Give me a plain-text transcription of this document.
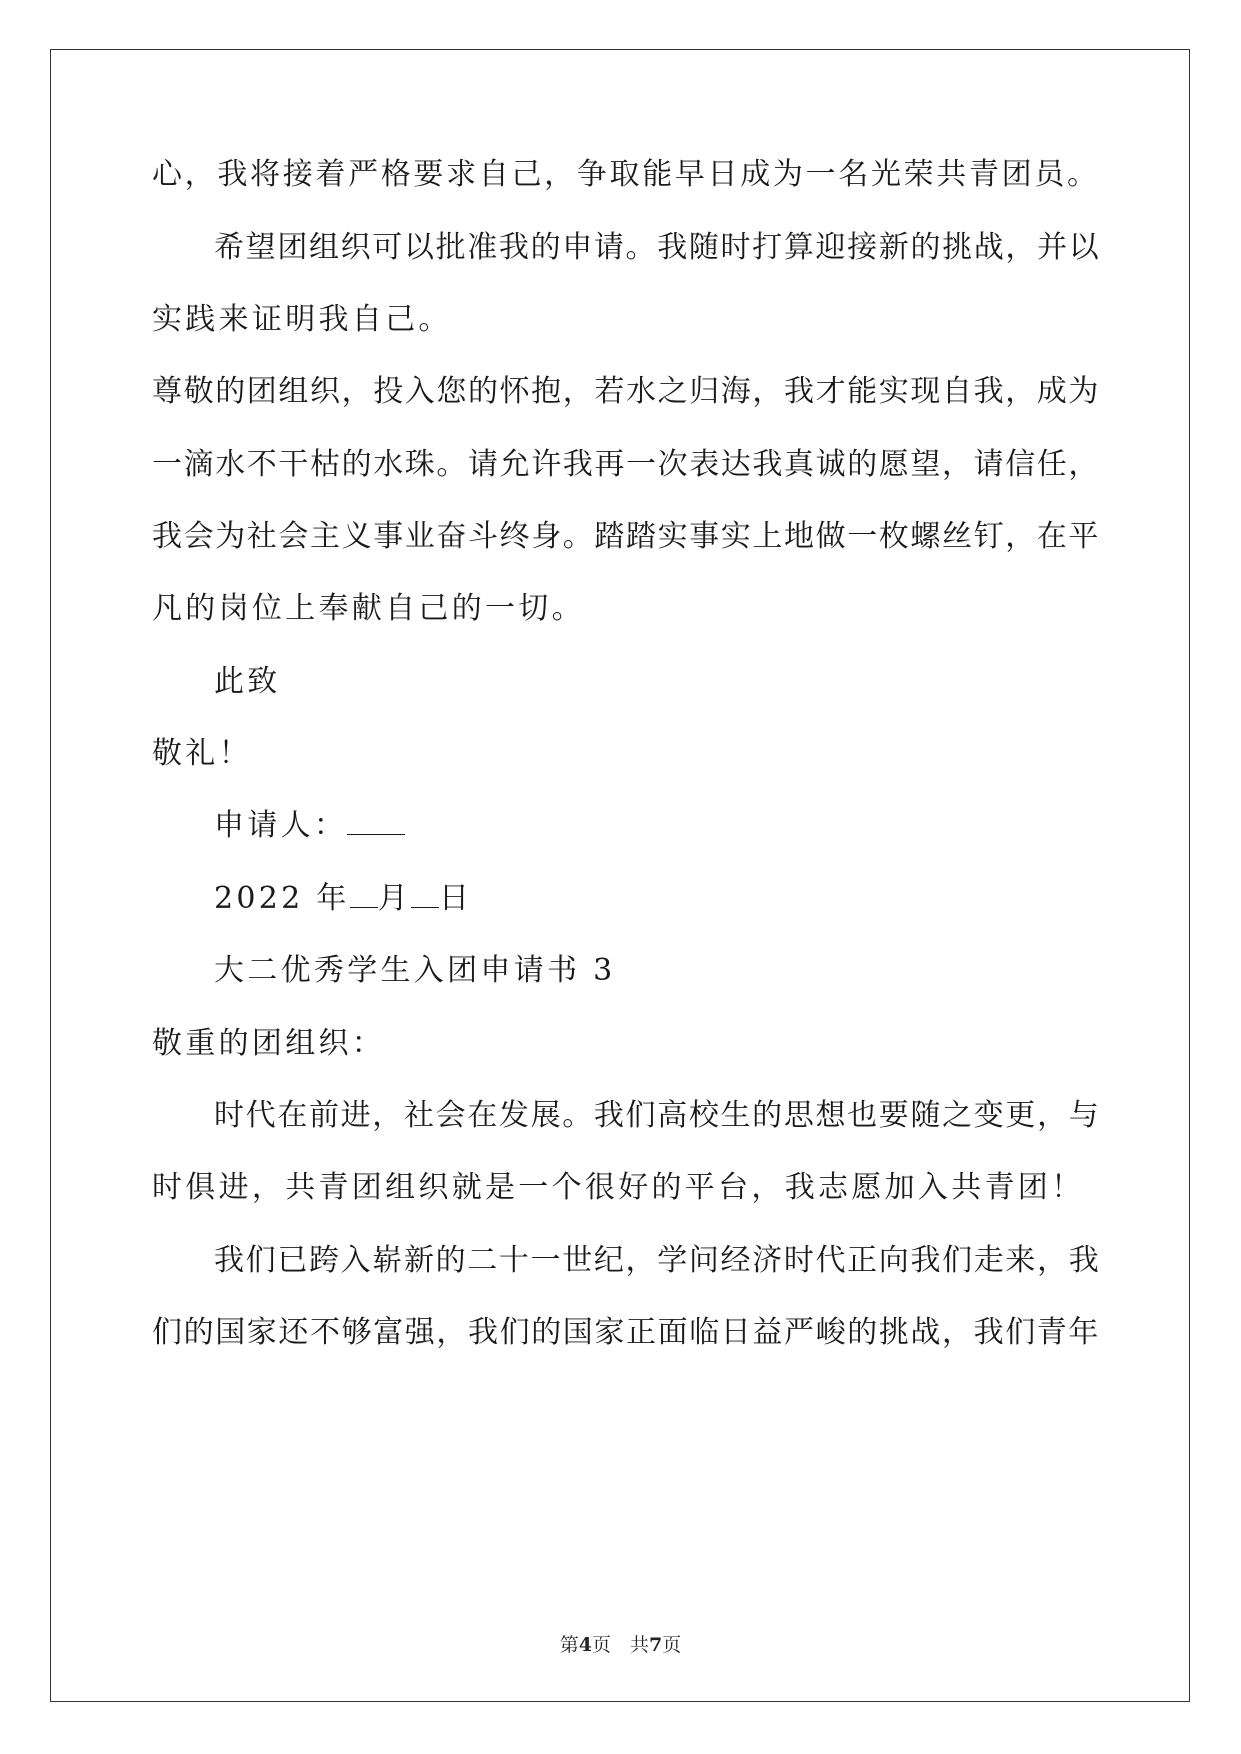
心，我将接着严格要求自己，争取能早日成为一名光荣共青团员。
希望团组织可以批准我的申请。我随时打算迎接新的挑战，并以
实践来证明我自己。
尊敬的团组织，投入您的怀抱，若水之归海，我才能实现自我，成为
一滴水不干枯的水珠。请允许我再一次表达我真诚的愿望，请信任，
我会为社会主义事业奋斗终身。踏踏实事实上地做一枚螺丝钉，在平
凡的岗位上奉献自己的一切。
此致
敬礼！
申请人：
2022 年 月 日
大二优秀学生入团申请书 3
敬重的团组织：
时代在前进，社会在发展。我们高校生的思想也要随之变更，与
时俱进，共青团组织就是一个很好的平台，我志愿加入共青团！
我们已跨入崭新的二十一世纪，学问经济时代正向我们走来，我
们的国家还不够富强，我们的国家正面临日益严峻的挑战，我们青年
第4页　共7页
